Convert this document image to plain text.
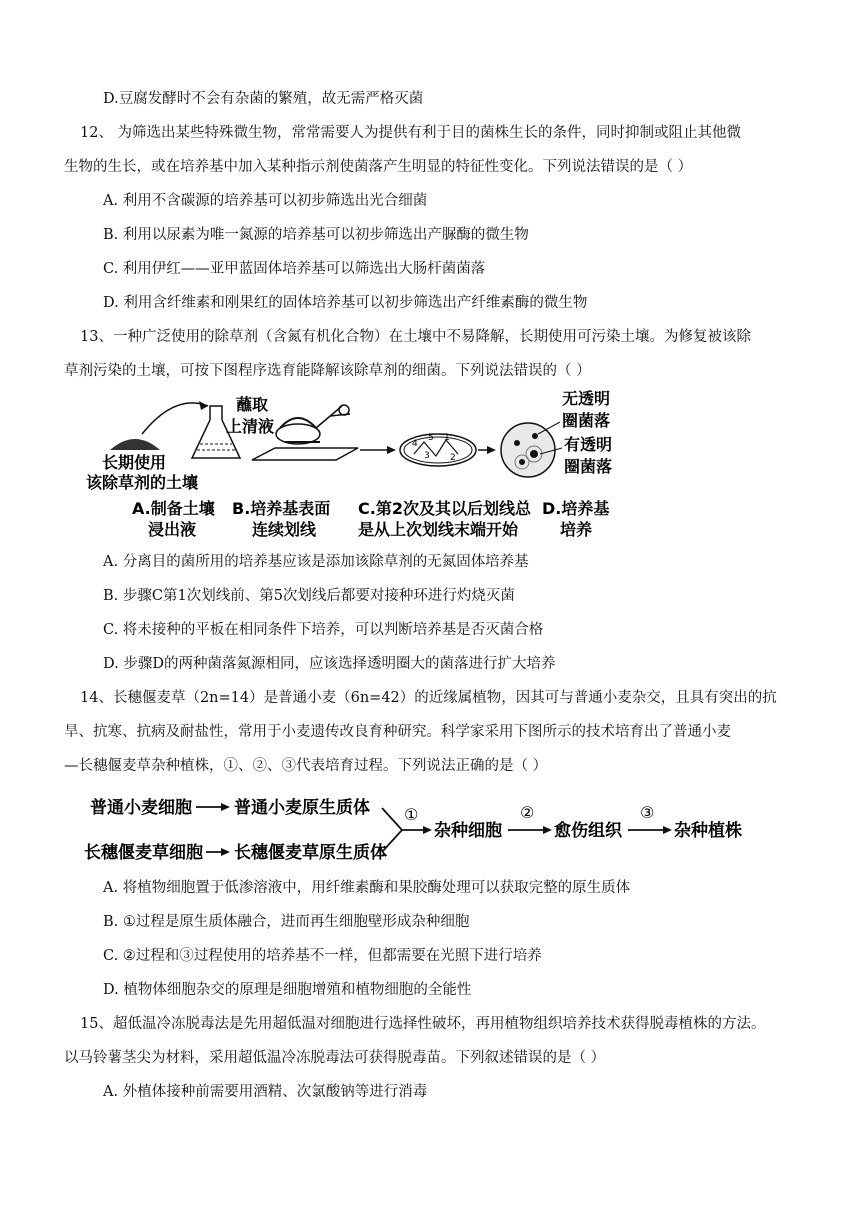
D.豆腐发酵时不会有杂菌的繁殖，故无需严格灭菌
12、 为筛选出某些特殊微生物，常常需要人为提供有利于目的菌株生长的条件，同时抑制或阻止其他微
生物的生长，或在培养基中加入某种指示剂使菌落产生明显的特征性变化。下列说法错误的是（ ）
A. 利用不含碳源的培养基可以初步筛选出光合细菌
B. 利用以尿素为唯一氮源的培养基可以初步筛选出产脲酶的微生物
C. 利用伊红——亚甲蓝固体培养基可以筛选出大肠杆菌菌落
D. 利用含纤维素和刚果红的固体培养基可以初步筛选出产纤维素酶的微生物
13、一种广泛使用的除草剂（含氮有机化合物）在土壤中不易降解，长期使用可污染土壤。为修复被该除
草剂污染的土壤，可按下图程序选育能降解该除草剂的细菌。下列说法错误的（ ）
4
5 1
3 2
蘸取
上清液
长期使用
该除草剂的土壤
无透明
圈菌落
有透明
圈菌落
A.制备土壤
浸出液
B.培养基表面
连续划线
C.第2次及其以后划线总
是从上次划线末端开始
D.培养基
培养
A. 分离目的菌所用的培养基应该是添加该除草剂的无氮固体培养基
B. 步骤C第1次划线前、第5次划线后都要对接种环进行灼烧灭菌
C. 将未接种的平板在相同条件下培养，可以判断培养基是否灭菌合格
D. 步骤D的两种菌落氮源相同，应该选择透明圈大的菌落进行扩大培养
14、长穗偃麦草（2n=14）是普通小麦（6n=42）的近缘属植物，因其可与普通小麦杂交，且具有突出的抗
旱、抗寒、抗病及耐盐性，常用于小麦遗传改良育种研究。科学家采用下图所示的技术培育出了普通小麦
—长穗偃麦草杂种植株，①、②、③代表培育过程。下列说法正确的是（ ）
普通小麦细胞 普通小麦原生质体
长穗偃麦草细胞 长穗偃麦草原生质体
①
杂种细胞
②
愈伤组织
③
杂种植株
A. 将植物细胞置于低渗溶液中，用纤维素酶和果胶酶处理可以获取完整的原生质体
B. ①过程是原生质体融合，进而再生细胞壁形成杂种细胞
C. ②过程和③过程使用的培养基不一样，但都需要在光照下进行培养
D. 植物体细胞杂交的原理是细胞增殖和植物细胞的全能性
15、超低温冷冻脱毒法是先用超低温对细胞进行选择性破坏，再用植物组织培养技术获得脱毒植株的方法。
以马铃薯茎尖为材料，采用超低温冷冻脱毒法可获得脱毒苗。下列叙述错误的是（ ）
A. 外植体接种前需要用酒精、次氯酸钠等进行消毒
